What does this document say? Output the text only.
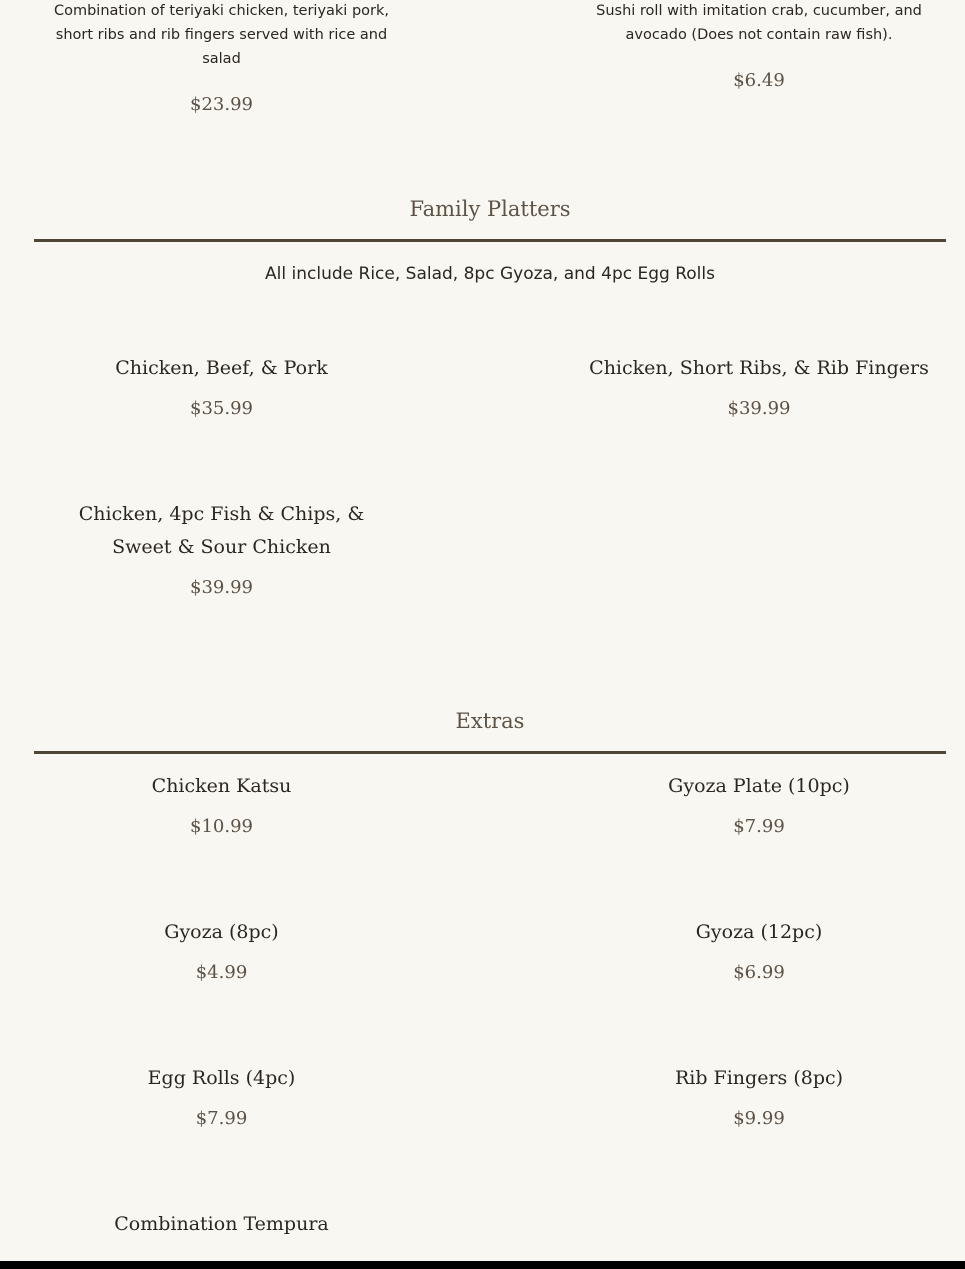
Combination of teriyaki chicken, teriyaki pork, short ribs and rib fingers served with rice and salad
$23.99
Sushi roll with imitation crab, cucumber, and avocado (Does not contain raw fish).
$6.49
Family Platters
All include Rice, Salad, 8pc Gyoza, and 4pc Egg Rolls
Chicken, Beef, & Pork
$35.99
Chicken, Short Ribs, & Rib Fingers
$39.99
Chicken, 4pc Fish & Chips, & Sweet & Sour Chicken
$39.99
Extras
Chicken Katsu
$10.99
Gyoza Plate (10pc)
$7.99
Gyoza (8pc)
$4.99
Gyoza (12pc)
$6.99
Egg Rolls (4pc)
$7.99
Rib Fingers (8pc)
$9.99
Combination Tempura
